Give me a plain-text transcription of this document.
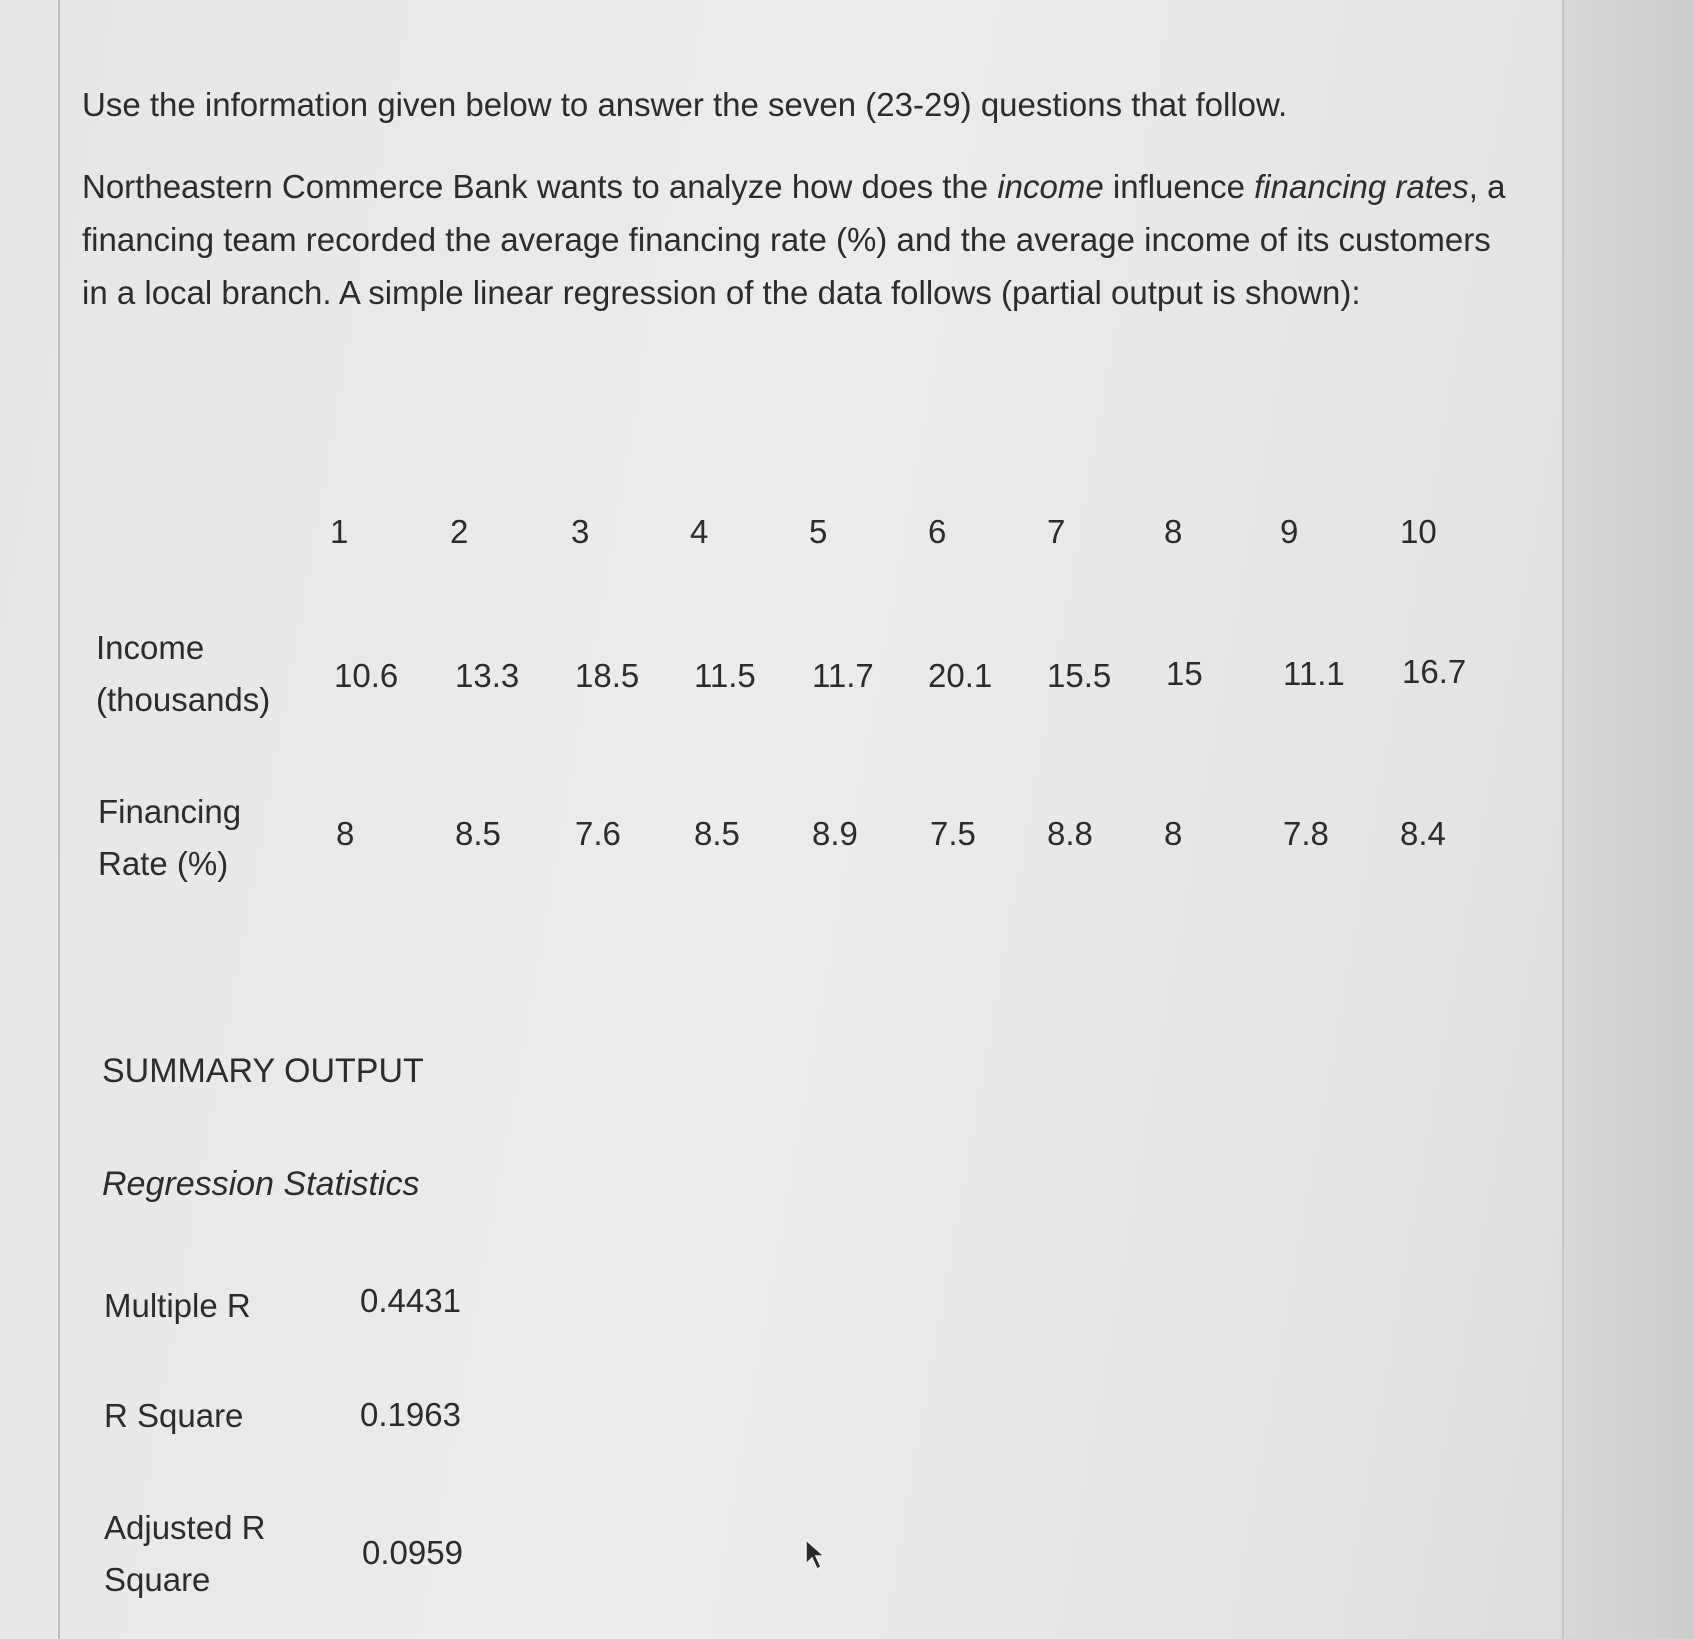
Use the information given below to answer the seven (23-29) questions that follow.

Northeastern Commerce Bank wants to analyze how does the income influence financing rates, a financing team recorded the average financing rate (%) and the average income of its customers in a local branch. A simple linear regression of the data follows (partial output is shown):

1	2	3	4	5	6	7	8	9	10
Income
(thousands)
10.6 13.3 18.5 11.5 11.7 20.1 15.5 15 11.1 16.7
Financing
Rate (%)
8	8.5 7.6 8.5 8.9 7.5 8.8 8	7.8 8.4
SUMMARY OUTPUT
Regression Statistics
Multiple R	0.4431
R Square	0.1963
Adjusted R
Square
0.0959
